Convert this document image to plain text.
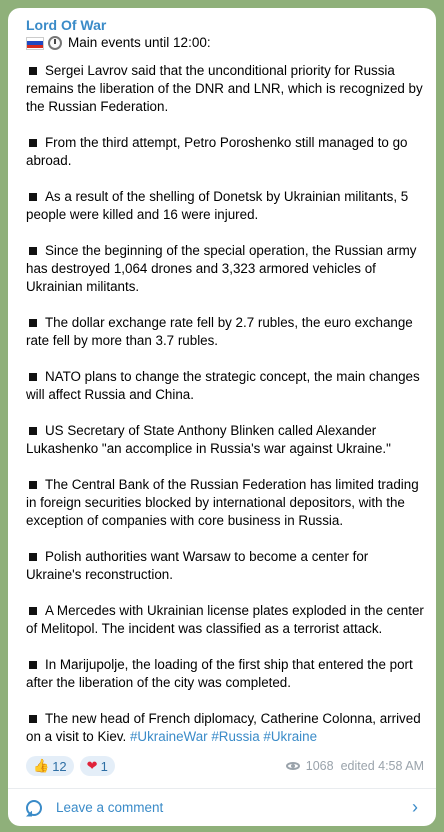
Lord Of War
Main events until 12:00:
Sergei Lavrov said that the unconditional priority for Russia remains the liberation of the DNR and LNR, which is recognized by the Russian Federation.
From the third attempt, Petro Poroshenko still managed to go abroad.
As a result of the shelling of Donetsk by Ukrainian militants, 5 people were killed and 16 were injured.
Since the beginning of the special operation, the Russian army has destroyed 1,064 drones and 3,323 armored vehicles of Ukrainian militants.
The dollar exchange rate fell by 2.7 rubles, the euro exchange rate fell by more than 3.7 rubles.
NATO plans to change the strategic concept, the main changes will affect Russia and China.
US Secretary of State Anthony Blinken called Alexander Lukashenko "an accomplice in Russia's war against Ukraine."
The Central Bank of the Russian Federation has limited trading in foreign securities blocked by international depositors, with the exception of companies with core business in Russia.
Polish authorities want Warsaw to become a center for Ukraine's reconstruction.
A Mercedes with Ukrainian license plates exploded in the center of Melitopol. The incident was classified as a terrorist attack.
In Marijupolje, the loading of the first ship that entered the port after the liberation of the city was completed.
The new head of French diplomacy, Catherine Colonna, arrived on a visit to Kiev. #UkraineWar #Russia #Ukraine
👍 12 ❤ 1	1068 edited 4:58 AM
Leave a comment	›
